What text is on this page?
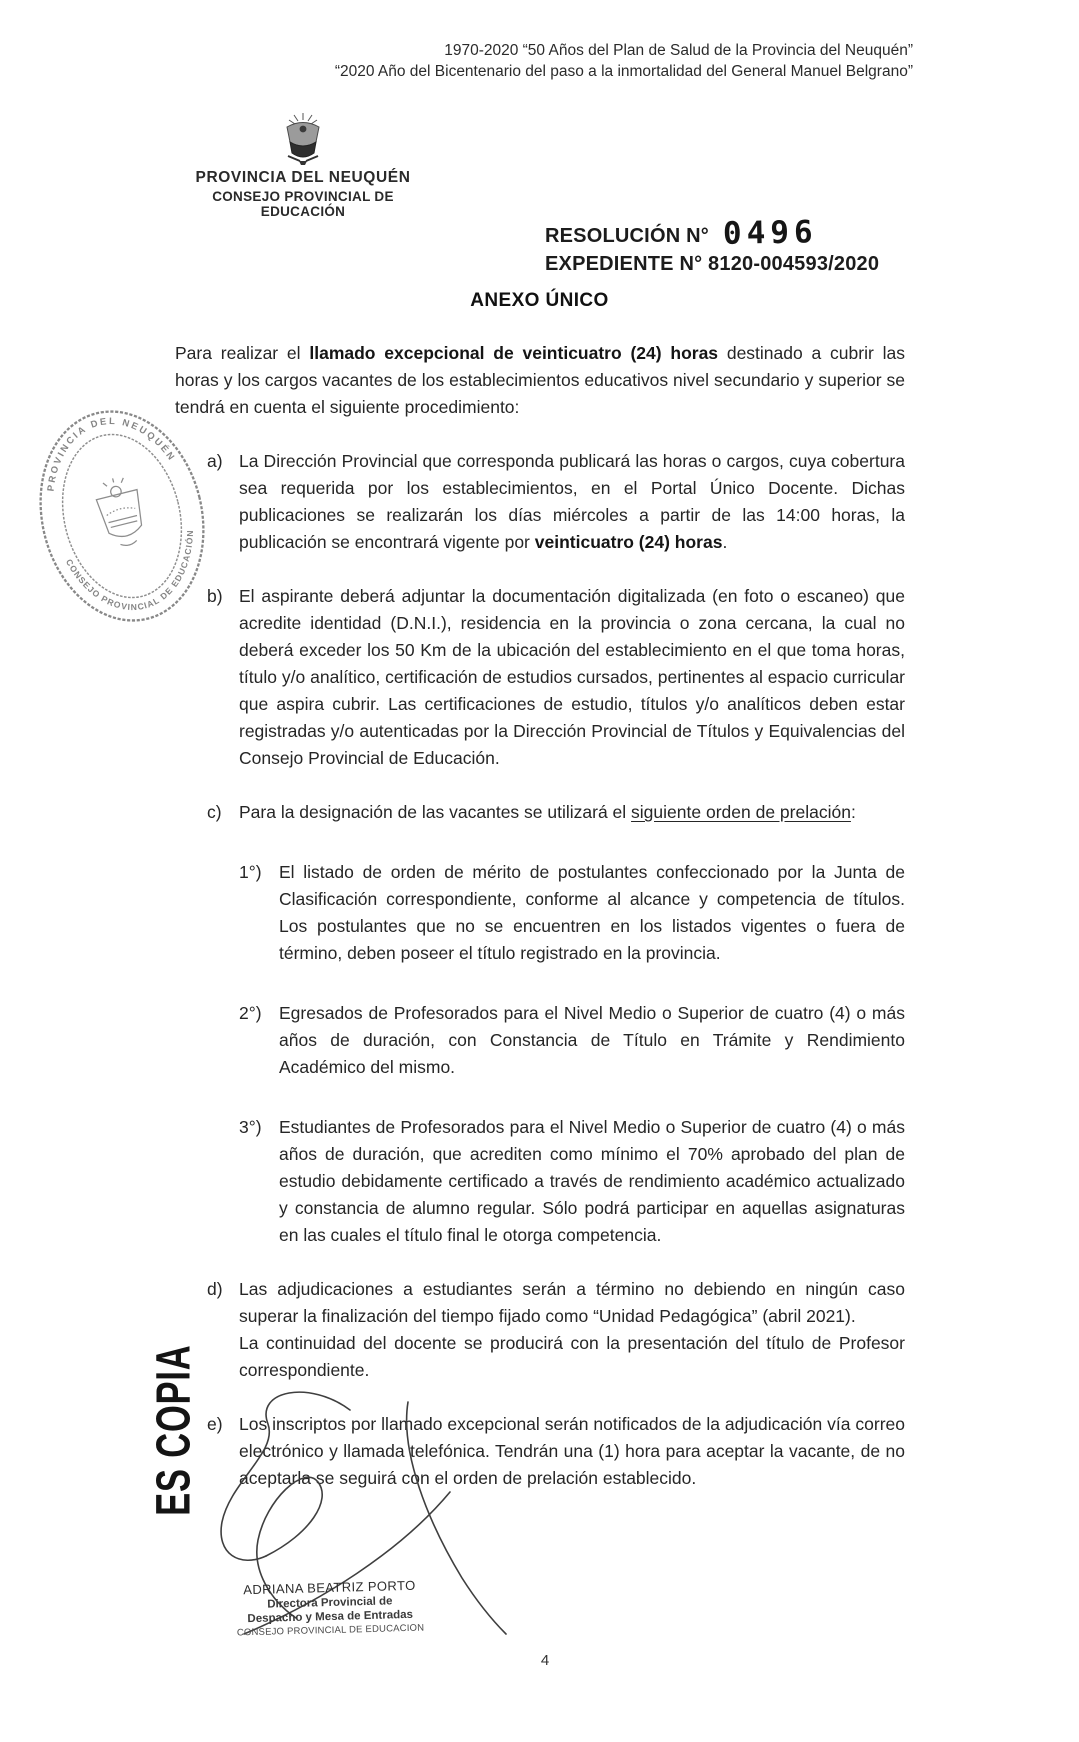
1970-2020 “50 Años del Plan de Salud de la Provincia del Neuquén”
“2020 Año del Bicentenario del paso a la inmortalidad del General Manuel Belgrano”
PROVINCIA DEL NEUQUÉN
CONSEJO PROVINCIAL DE EDUCACIÓN
RESOLUCIÓN N° 0496
EXPEDIENTE N° 8120-004593/2020
ANEXO ÚNICO

Para realizar el llamado excepcional de veinticuatro (24) horas destinado a cubrir las horas y los cargos vacantes de los establecimientos educativos nivel secundario y superior se tendrá en cuenta el siguiente procedimiento:

a) La Dirección Provincial que corresponda publicará las horas o cargos, cuya cobertura sea requerida por los establecimientos, en el Portal Único Docente. Dichas publicaciones se realizarán los días miércoles a partir de las 14:00 horas, la publicación se encontrará vigente por veinticuatro (24) horas.
b) El aspirante deberá adjuntar la documentación digitalizada (en foto o escaneo) que acredite identidad (D.N.I.), residencia en la provincia o zona cercana, la cual no deberá exceder los 50 Km de la ubicación del establecimiento en el que toma horas, título y/o analítico, certificación de estudios cursados, pertinentes al espacio curricular que aspira cubrir. Las certificaciones de estudio, títulos y/o analíticos deben estar registradas y/o autenticadas por la Dirección Provincial de Títulos y Equivalencias del Consejo Provincial de Educación.
c) Para la designación de las vacantes se utilizará el siguiente orden de prelación:
1°) El listado de orden de mérito de postulantes confeccionado por la Junta de Clasificación correspondiente, conforme al alcance y competencia de títulos. Los postulantes que no se encuentren en los listados vigentes o fuera de término, deben poseer el título registrado en la provincia.
2°) Egresados de Profesorados para el Nivel Medio o Superior de cuatro (4) o más años de duración, con Constancia de Título en Trámite y Rendimiento Académico del mismo.
3°) Estudiantes de Profesorados para el Nivel Medio o Superior de cuatro (4) o más años de duración, que acrediten como mínimo el 70% aprobado del plan de estudio debidamente certificado a través de rendimiento académico actualizado y constancia de alumno regular. Sólo podrá participar en aquellas asignaturas en las cuales el título final le otorga competencia.
d) Las adjudicaciones a estudiantes serán a término no debiendo en ningún caso superar la finalización del tiempo fijado como “Unidad Pedagógica” (abril 2021).
La continuidad del docente se producirá con la presentación del título de Profesor correspondiente.
e) Los inscriptos por llamado excepcional serán notificados de la adjudicación vía correo electrónico y llamada telefónica. Tendrán una (1) hora para aceptar la vacante, de no aceptarla se seguirá con el orden de prelación establecido.
PROVINCIA DEL NEUQUÉN
CONSEJO PROVINCIAL DE EDUCACIÓN
ES COPIA
ADRIANA BEATRIZ PORTO
Directora Provincial de
Despacho y Mesa de Entradas
CONSEJO PROVINCIAL DE EDUCACION
4
